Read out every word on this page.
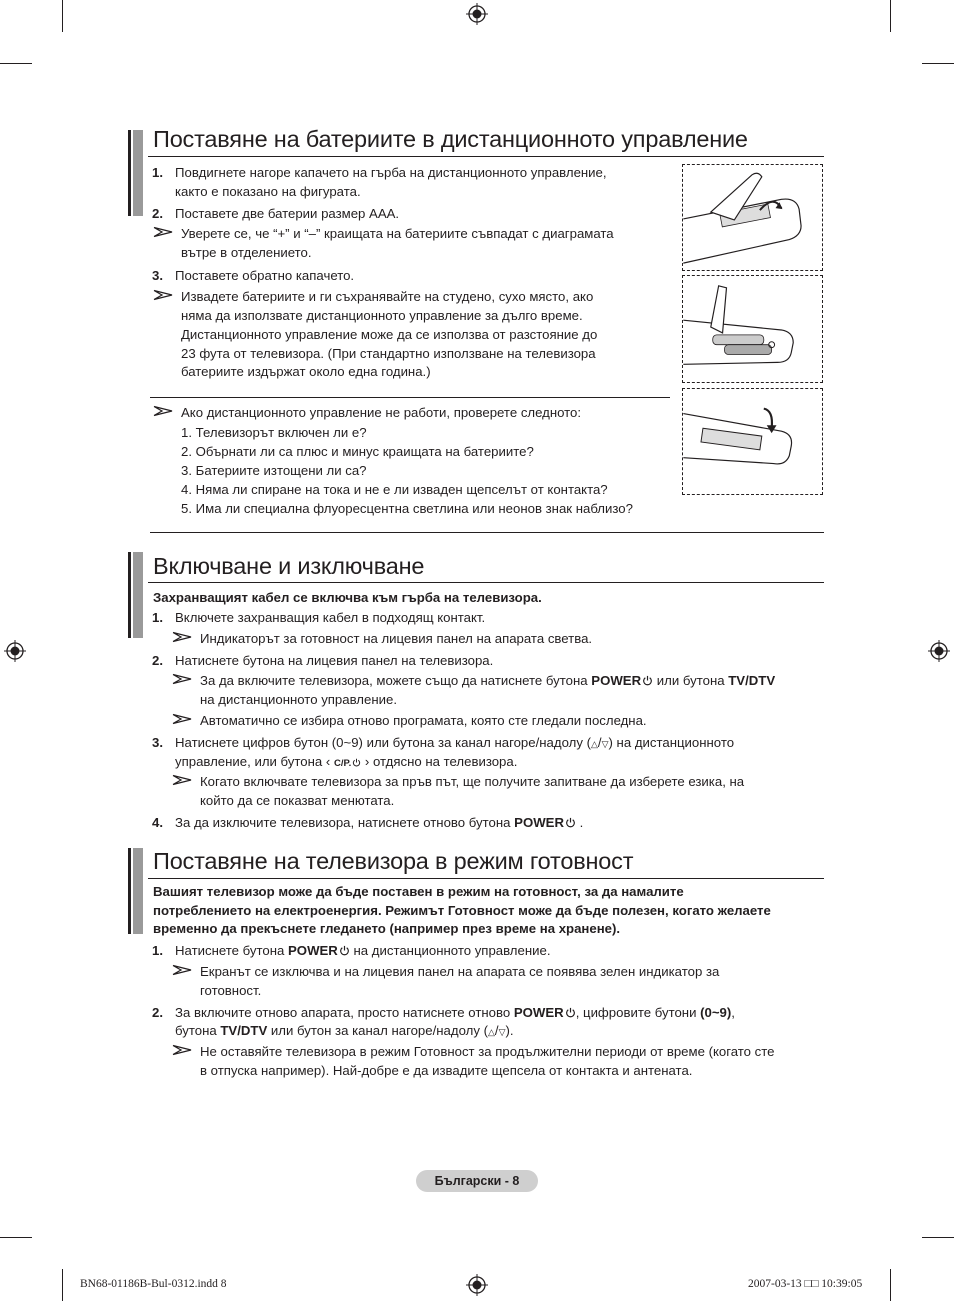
Поставяне на батериите в дистанционното управление
1. Повдигнете нагоре капачето на гърба на дистанционното управление,
както е показано на фигурата.
2. Поставете две батерии размер AAA.
Уверете се, че “+” и “–” краищата на батериите съвпадат с диаграмата
вътре в отделението.
3. Поставете обратно капачето.
Извадете батериите и ги съхранявайте на студено, сухо място, ако
няма да използвате дистанционното управление за дълго време.
Дистанционното управление може да се използва от разстояние до
23 фута от телевизора. (При стандартно използване на телевизора
батериите издържат около една година.)
Ако дистанционното управление не работи, проверете следното:
1. Телевизорът включен ли е?
2. Обърнати ли са плюс и минус краищата на батериите?
3. Батериите изтощени ли са?
4. Няма ли спиране на тока и не е ли изваден щепселът от контакта?
5. Има ли специална флуоресцентна светлина или неонов знак наблизо?
Включване и изключване
Захранващият кабел се включва към гърба на телевизора.
1. Включете захранващия кабел в подходящ контакт.
Индикаторът за готовност на лицевия панел на апарата светва.
2. Натиснете бутона на лицевия панел на телевизора.
За да включите телевизора, можете също да натиснете бутона POWER или бутона TV/DTV
на дистанционното управление.
Автоматично се избира отново програмата, която сте гледали последна.
3. Натиснете цифров бутон (0~9) или бутона за канал нагоре/надолу (△/▽) на дистанционното
управление, или бутона ‹ C/P. › отдясно на телевизора.
Когато включвате телевизора за пръв път, ще получите запитване да изберете езика, на
който да се показват менютата.
4. За да изключите телевизора, натиснете отново бутона POWER .
Поставяне на телевизора в режим готовност
Вашият телевизор може да бъде поставен в режим на готовност, за да намалите
потреблението на електроенергия. Режимът Готовност може да бъде полезен, когато желаете
временно да прекъснете гледането (например през време на хранене).
1. Натиснете бутона POWER на дистанционното управление.
Екранът се изключва и на лицевия панел на апарата се появява зелен индикатор за
готовност.
2. За включите отново апарата, просто натиснете отново POWER , цифровите бутони (0~9),
бутона TV/DTV или бутон за канал нагоре/надолу (△/▽).
Не оставяйте телевизора в режим Готовност за продължителни периоди от време (когато сте
в отпуска например). Най-добре е да извадите щепсела от контакта и антената.
Български - 8
BN68-01186B-Bul-0312.indd 8	2007-03-13 □□ 10:39:05
